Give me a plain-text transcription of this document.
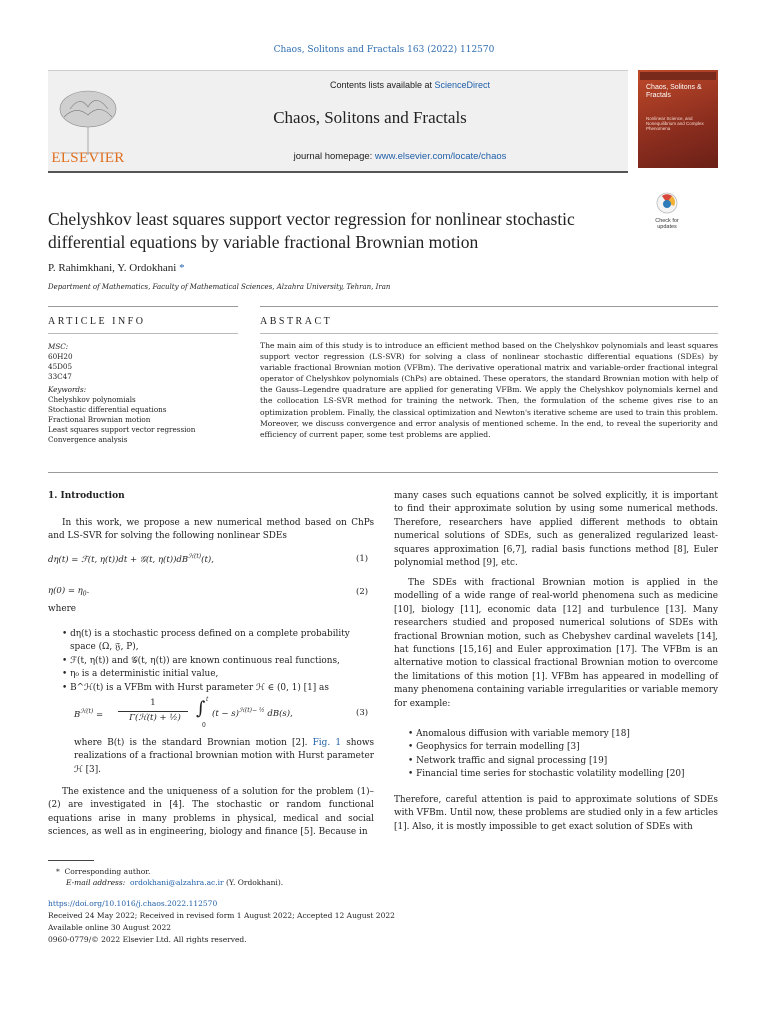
Chaos, Solitons and Fractals 163 (2022) 112570
ELSEVIER
Contents lists available at ScienceDirect
Chaos, Solitons and Fractals
journal homepage: www.elsevier.com/locate/chaos
Chaos, Solitons & Fractals
Nonlinear Science, and Nonequilibrium and Complex Phenomena
Chelyshkov least squares support vector regression for nonlinear stochastic
differential equations by variable fractional Brownian motion
Check for
updates
P. Rahimkhani, Y. Ordokhani *
Department of Mathematics, Faculty of Mathematical Sciences, Alzahra University, Tehran, Iran
ARTICLE INFO	ABSTRACT
MSC:
60H20
45D05
33C47
Keywords:
Chelyshkov polynomials
Stochastic differential equations
Fractional Brownian motion
Least squares support vector regression
Convergence analysis
The main aim of this study is to introduce an efficient method based on the Chelyshkov polynomials and least squares support vector regression (LS-SVR) for solving a class of nonlinear stochastic differential equations (SDEs) by variable fractional Brownian motion (VFBm). The derivative operational matrix and variable-order fractional integral operator of Chelyshkov polynomials (ChPs) are obtained. These operators, the standard Brownian motion with help of the Gauss–Legendre quadrature are applied for generating VFBm. We apply the Chelyshkov polynomials kernel and the collocation LS-SVR method for training the network. Then, the formulation of the scheme gives rise to an optimization problem. Finally, the classical optimization and Newton's iterative scheme are used to train this problem. Moreover, we discuss convergence and error analysis of mentioned scheme. In the end, to reveal the superiority and efficiency of current paper, some test problems are applied.
1. Introduction
In this work, we propose a new numerical method based on ChPs and LS-SVR for solving the following nonlinear SDEs
dη(t) = ℱ(t, η(t))dt + 𝒢(t, $\eta(t))dB^{ℋ(t)}(t)$,	(1)
$\eta(0) = \eta_0$.	(2)
where
• dη(t) is a stochastic process defined on a complete probability
space (Ω, 𝔉, P),
• ℱ(t, η(t)) and 𝒢(t, η(t)) are known continuous real functions,
• η₀ is a deterministic initial value,
• B^ℋ(t) is a VFBm with Hurst parameter ℋ ∈ (0, 1) [1] as
$B^{ℋ(t)}$ =
1
Γ(ℋ(t) + ½) ∫ t
0
$(t - s)^{ℋ(t)- \frac{1}{2}}$ dB(s),	(3)
where B(t) is the standard Brownian motion [2]. Fig. 1 shows realizations of a fractional brownian motion with Hurst parameter ℋ [3].
The existence and the uniqueness of a solution for the problem (1)–(2) are investigated in [4]. The stochastic or random functional equations arise in many problems in physical, medical and social sciences, as well as in engineering, biology and finance [5]. Because in
many cases such equations cannot be solved explicitly, it is important to find their approximate solution by using some numerical methods. Therefore, researchers have applied different methods to obtain numerical solutions of SDEs, such as generalized regularized least-squares approximation [6,7], radial basis functions method [8], Euler polynomial method [9], etc.
The SDEs with fractional Brownian motion is applied in the modelling of a wide range of real-world phenomena such as medicine [10], biology [11], economic data [12] and turbulence [13]. Many researchers studied and proposed numerical solutions of SDEs with fractional Brownian motion, such as Chebyshev cardinal wavelets [14], hat functions [15,16] and Euler approximation [17]. The VFBm is an alternative motion to classical fractional Brownian motion to overcome the limitations of this motion [1]. VFBm has appeared in modelling of many phenomena containing variable irregularities or variable memory for example:
• Anomalous diffusion with variable memory [18]
• Geophysics for terrain modelling [3]
• Network traffic and signal processing [19]
• Financial time series for stochastic volatility modelling [20]
Therefore, careful attention is paid to approximate solutions of SDEs with VFBm. Until now, these problems are studied only in a few articles [1]. Also, it is mostly impossible to get exact solution of SDEs with
* Corresponding author.
E-mail address: ordokhani@alzahra.ac.ir (Y. Ordokhani).
https://doi.org/10.1016/j.chaos.2022.112570
Received 24 May 2022; Received in revised form 1 August 2022; Accepted 12 August 2022
Available online 30 August 2022
0960-0779/© 2022 Elsevier Ltd. All rights reserved.
